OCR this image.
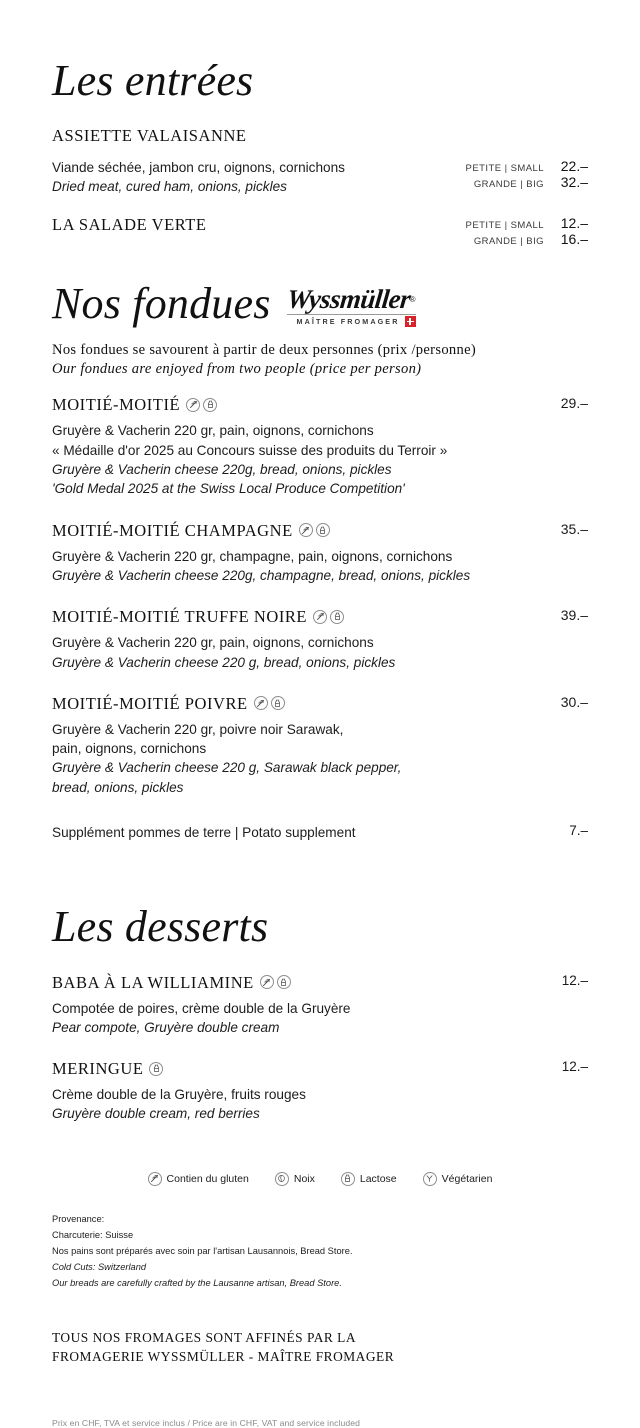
Les entrées
ASSIETTE VALAISANNE

Viande séchée, jambon cru, oignons, cornichons

Dried meat, cured ham, onions, pickles

PETITE | SMALL	22.–
GRANDE | BIG	32.–
LA SALADE VERTE	PETITE | SMALL	12.–
GRANDE | BIG	16.–
Nos fondues Wyssmüller®
MAÎTRE FROMAGER

Nos fondues se savourent à partir de deux personnes (prix /personne)

Our fondues are enjoyed from two people (price per person)

MOITIÉ-MOITIÉ

Gruyère & Vacherin 220 gr, pain, oignons, cornichons

« Médaille d'or 2025 au Concours suisse des produits du Terroir »

Gruyère & Vacherin cheese 220g, bread, onions, pickles

'Gold Medal 2025 at the Swiss Local Produce Competition'

29.–
MOITIÉ-MOITIÉ CHAMPAGNE

Gruyère & Vacherin 220 gr, champagne, pain, oignons, cornichons

Gruyère & Vacherin cheese 220g, champagne, bread, onions, pickles

35.–
MOITIÉ-MOITIÉ TRUFFE NOIRE

Gruyère & Vacherin 220 gr, pain, oignons, cornichons

Gruyère & Vacherin cheese 220 g, bread, onions, pickles

39.–
MOITIÉ-MOITIÉ POIVRE

Gruyère & Vacherin 220 gr, poivre noir Sarawak,

pain, oignons, cornichons

Gruyère & Vacherin cheese 220 g, Sarawak black pepper,

bread, onions, pickles

30.–

Supplément pommes de terre | Potato supplement	7.–
Les desserts
BABA À LA WILLIAMINE

Compotée de poires, crème double de la Gruyère

Pear compote, Gruyère double cream

12.–
MERINGUE

Crème double de la Gruyère, fruits rouges

Gruyère double cream, red berries

12.–
Contien du gluten	Noix	Lactose	Végétarien
Provenance:
Charcuterie: Suisse
Nos pains sont préparés avec soin par l'artisan Lausannois, Bread Store.
Cold Cuts: Switzerland
Our breads are carefully crafted by the Lausanne artisan, Bread Store.
TOUS NOS FROMAGES SONT AFFINÉS PAR LA
FROMAGERIE WYSSMÜLLER - MAÎTRE FROMAGER
Prix en CHF, TVA et service inclus / Price are in CHF, VAT and service included
